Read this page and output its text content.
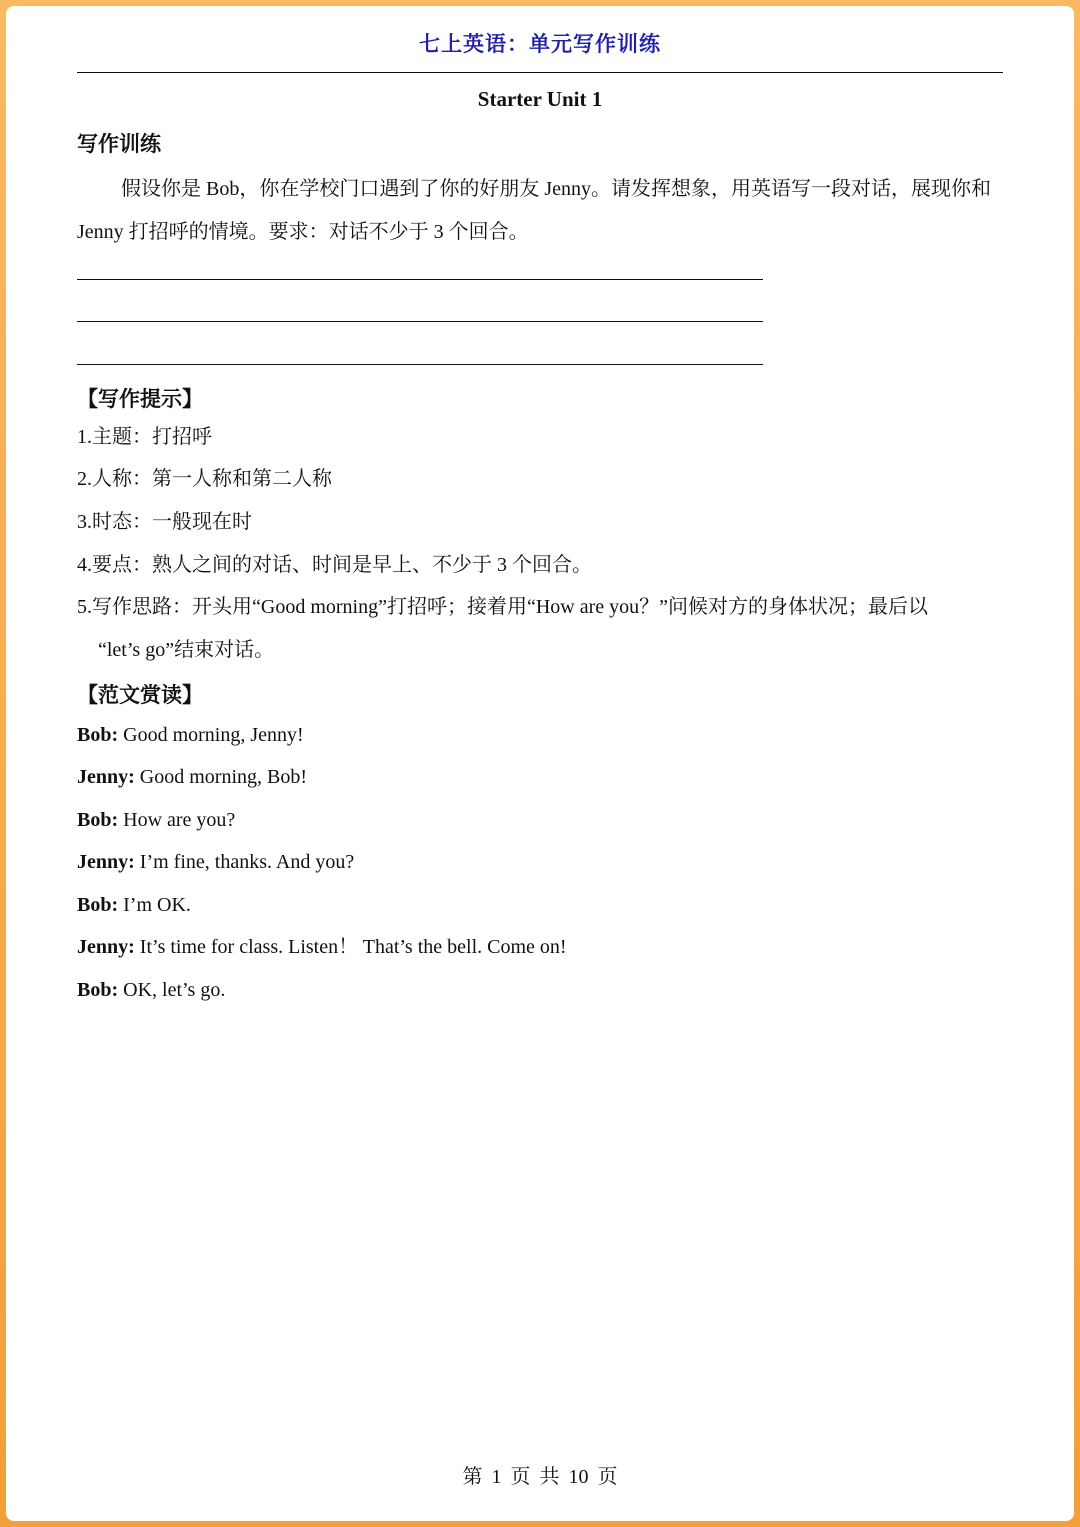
七上英语：单元写作训练
Starter Unit 1
写作训练
假设你是 Bob，你在学校门口遇到了你的好朋友 Jenny。请发挥想象，用英语写一段对话，展现你和 Jenny 打招呼的情境。要求：对话不少于 3 个回合。
【写作提示】
1.主题：打招呼
2.人称：第一人称和第二人称
3.时态：一般现在时
4.要点：熟人之间的对话、时间是早上、不少于 3 个回合。
5.写作思路：开头用“Good morning”打招呼；接着用“How are you？”问候对方的身体状况；最后以
“let’s go”结束对话。
【范文赏读】
Bob: Good morning, Jenny!
Jenny: Good morning, Bob!
Bob: How are you?
Jenny: I’m fine, thanks. And you?
Bob: I’m OK.
Jenny: It’s time for class. Listen！ That’s the bell. Come on!
Bob: OK, let’s go.
第 1 页 共 10 页
